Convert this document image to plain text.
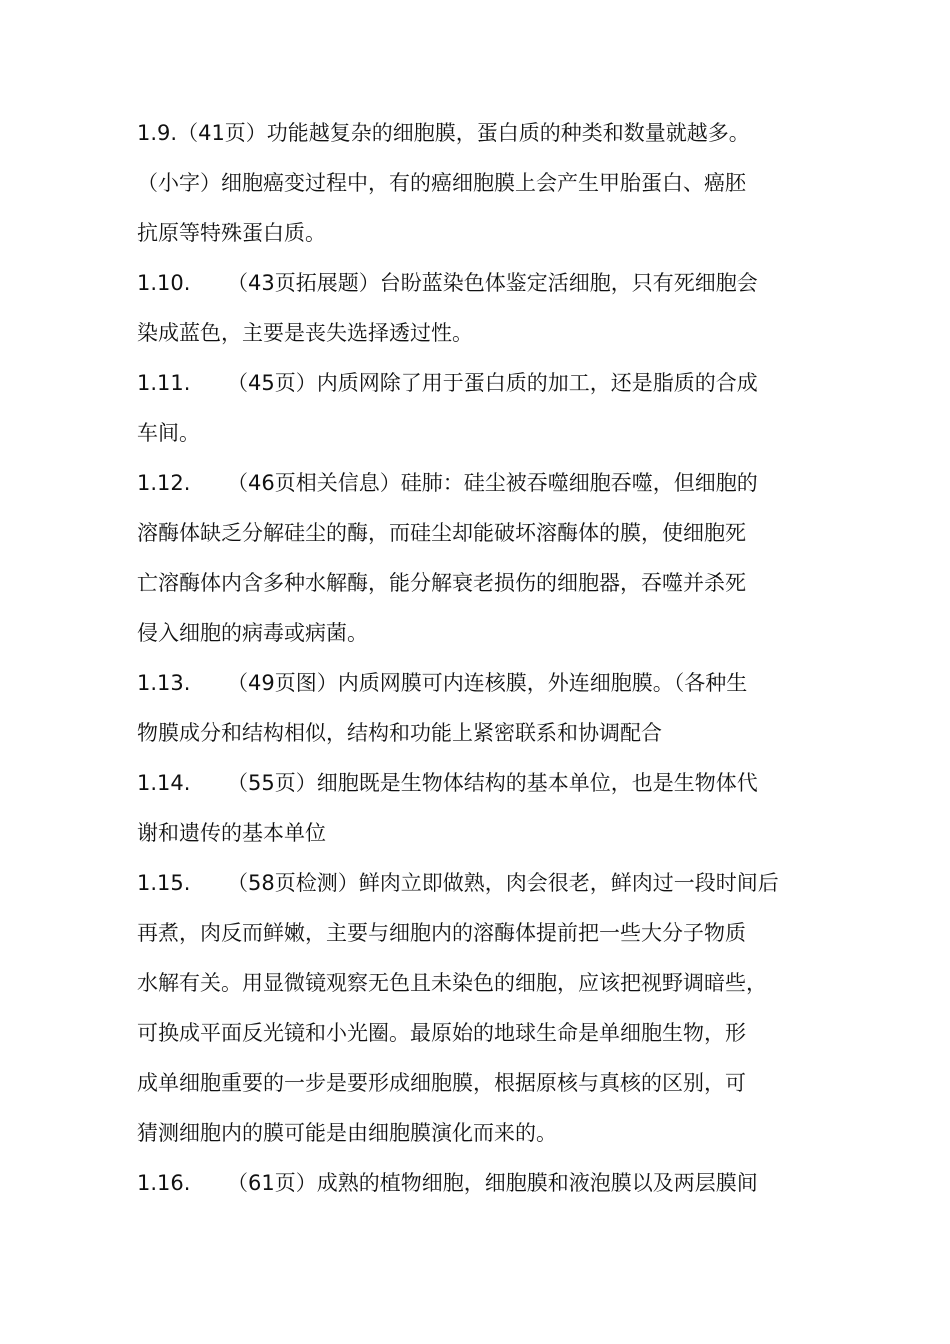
1.9.（41页）功能越复杂的细胞膜，蛋白质的种类和数量就越多。
（小字）细胞癌变过程中，有的癌细胞膜上会产生甲胎蛋白、癌胚
抗原等特殊蛋白质。
1.10. （43页拓展题）台盼蓝染色体鉴定活细胞，只有死细胞会
染成蓝色，主要是丧失选择透过性。
1.11. （45页）内质网除了用于蛋白质的加工，还是脂质的合成
车间。
1.12. （46页相关信息）硅肺：硅尘被吞噬细胞吞噬，但细胞的
溶酶体缺乏分解硅尘的酶，而硅尘却能破坏溶酶体的膜，使细胞死
亡溶酶体内含多种水解酶，能分解衰老损伤的细胞器，吞噬并杀死
侵入细胞的病毒或病菌。
1.13. （49页图）内质网膜可内连核膜，外连细胞膜。（各种生
物膜成分和结构相似，结构和功能上紧密联系和协调配合
1.14. （55页）细胞既是生物体结构的基本单位，也是生物体代
谢和遗传的基本单位
1.15. （58页检测）鲜肉立即做熟，肉会很老，鲜肉过一段时间后
再煮，肉反而鲜嫩，主要与细胞内的溶酶体提前把一些大分子物质
水解有关。用显微镜观察无色且未染色的细胞，应该把视野调暗些，
可换成平面反光镜和小光圈。最原始的地球生命是单细胞生物，形
成单细胞重要的一步是要形成细胞膜，根据原核与真核的区别，可
猜测细胞内的膜可能是由细胞膜演化而来的。
1.16. （61页）成熟的植物细胞，细胞膜和液泡膜以及两层膜间
